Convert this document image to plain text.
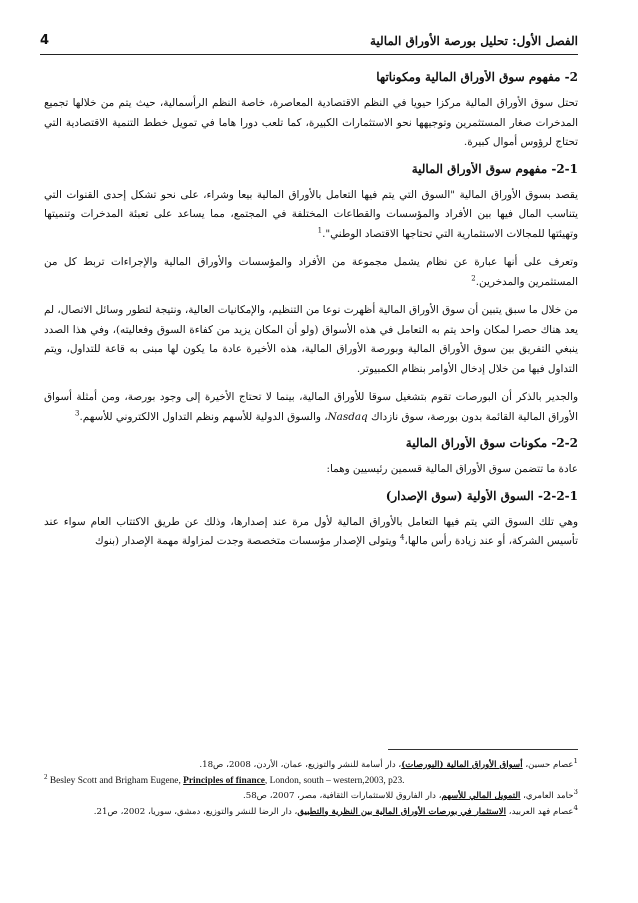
الفصل الأول: تحليل بورصة الأوراق المالية
4
2- مفهوم سوق الأوراق المالية ومكوناتها

تحتل سوق الأوراق المالية مركزا حيويا في النظم الاقتصادية المعاصرة، خاصة النظم الرأسمالية، حيث يتم من خلالها تجميع المدخرات صغار المستثمرين وتوجيهها نحو الاستثمارات الكبيرة، كما تلعب دورا هاما في تمويل خطط التنمية الاقتصادية التي تحتاج لرؤوس أموال كبيرة.

2-1- مفهوم سوق الأوراق المالية

يقصد بسوق الأوراق المالية "السوق التي يتم فيها التعامل بالأوراق المالية بيعا وشراء، على نحو تشكل إحدى القنوات التي يتناسب المال فيها بين الأفراد والمؤسسات والقطاعات المختلفة في المجتمع، مما يساعد على تعبئة المدخرات وتنميتها وتهيئتها للمجالات الاستثمارية التي تحتاجها الاقتصاد الوطني".$^1$

وتعرف على أنها عبارة عن نظام يشمل مجموعة من الأفراد والمؤسسات والأوراق المالية والإجراءات تربط كل من المستثمرين والمدخرين.$^2$

من خلال ما سبق يتبين أن سوق الأوراق المالية أظهرت نوعا من التنظيم، والإمكانيات العالية، ونتيجة لتطور وسائل الاتصال، لم يعد هناك حصرا لمكان واحد يتم به التعامل في هذه الأسواق (ولو أن المكان يزيد من كفاءة السوق وفعاليته)، وفي هذا الصدد ينبغي التفريق بين سوق الأوراق المالية وبورصة الأوراق المالية، هذه الأخيرة عادة ما يكون لها مبنى به قاعة للتداول، ويتم التداول فيها من خلال إدخال الأوامر بنظام الكمبيوتر.

والجدير بالذكر أن البورصات تقوم بتشغيل سوقا للأوراق المالية، بينما لا تحتاج الأخيرة إلى وجود بورصة، ومن أمثلة أسواق الأوراق المالية القائمة بدون بورصة، سوق نازداك Nasdaq، والسوق الدولية للأسهم ونظم التداول الالكتروني للأسهم.$^3$

2-2- مكونات سوق الأوراق المالية

عادة ما تتضمن سوق الأوراق المالية قسمين رئيسيين وهما:

2-2-1- السوق الأولية (سوق الإصدار)

وهي تلك السوق التي يتم فيها التعامل بالأوراق المالية لأول مرة عند إصدارها، وذلك عن طريق الاكتتاب العام سواء عند تأسيس الشركة، أو عند زيادة رأس مالها،$^4$ ويتولى الإصدار مؤسسات متخصصة وجدت لمزاولة مهمة الإصدار (بنوك

$^1$عصام حسين، أسواق الأوراق المالية (البورصات)، دار أسامة للنشر والتوزيع، عمان، الأردن، 2008، ص18.
$^2$ Besley Scott and Brigham Eugene, Principles of finance, London, south – western,2003, p23.
$^3$حامد العامري، التمويل المالي للأسهم، دار الفاروق للاستثمارات الثقافية، مصر، 2007، ص58.
$^4$عصام فهد العربيد، الاستثمار في بورصات الأوراق المالية بين النظرية والتطبيق، دار الرضا للنشر والتوزيع، دمشق، سوريا، 2002، ص21.
